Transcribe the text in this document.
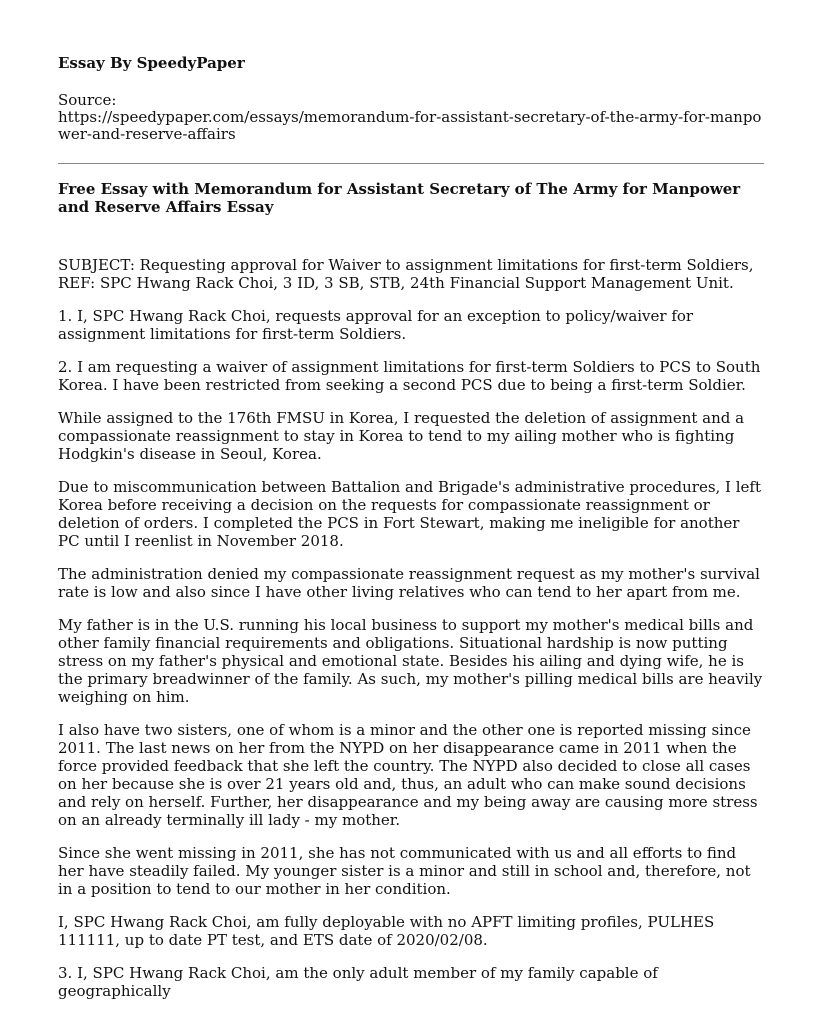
Essay By SpeedyPaper
Source:
https://speedypaper.com/essays/memorandum-for-assistant-secretary-of-the-army-for-manpower-and-reserve-affairs
Free Essay with Memorandum for Assistant Secretary of The Army for Manpower and Reserve Affairs Essay

SUBJECT: Requesting approval for Waiver to assignment limitations for first-term Soldiers, REF: SPC Hwang Rack Choi, 3 ID, 3 SB, STB, 24th Financial Support Management Unit.

1. I, SPC Hwang Rack Choi, requests approval for an exception to policy/waiver for assignment limitations for first-term Soldiers.

2. I am requesting a waiver of assignment limitations for first-term Soldiers to PCS to South Korea. I have been restricted from seeking a second PCS due to being a first-term Soldier.

While assigned to the 176th FMSU in Korea, I requested the deletion of assignment and a compassionate reassignment to stay in Korea to tend to my ailing mother who is fighting Hodgkin's disease in Seoul, Korea.

Due to miscommunication between Battalion and Brigade's administrative procedures, I left Korea before receiving a decision on the requests for compassionate reassignment or deletion of orders. I completed the PCS in Fort Stewart, making me ineligible for another PC until I reenlist in November 2018.

The administration denied my compassionate reassignment request as my mother's survival rate is low and also since I have other living relatives who can tend to her apart from me.

My father is in the U.S. running his local business to support my mother's medical bills and other family financial requirements and obligations. Situational hardship is now putting stress on my father's physical and emotional state. Besides his ailing and dying wife, he is the primary breadwinner of the family. As such, my mother's pilling medical bills are heavily weighing on him.

I also have two sisters, one of whom is a minor and the other one is reported missing since 2011. The last news on her from the NYPD on her disappearance came in 2011 when the force provided feedback that she left the country. The NYPD also decided to close all cases on her because she is over 21 years old and, thus, an adult who can make sound decisions and rely on herself. Further, her disappearance and my being away are causing more stress on an already terminally ill lady - my mother.

Since she went missing in 2011, she has not communicated with us and all efforts to find her have steadily failed. My younger sister is a minor and still in school and, therefore, not in a position to tend to our mother in her condition.

I, SPC Hwang Rack Choi, am fully deployable with no APFT limiting profiles, PULHES 111111, up to date PT test, and ETS date of 2020/02/08.

3. I, SPC Hwang Rack Choi, am the only adult member of my family capable of geographically
